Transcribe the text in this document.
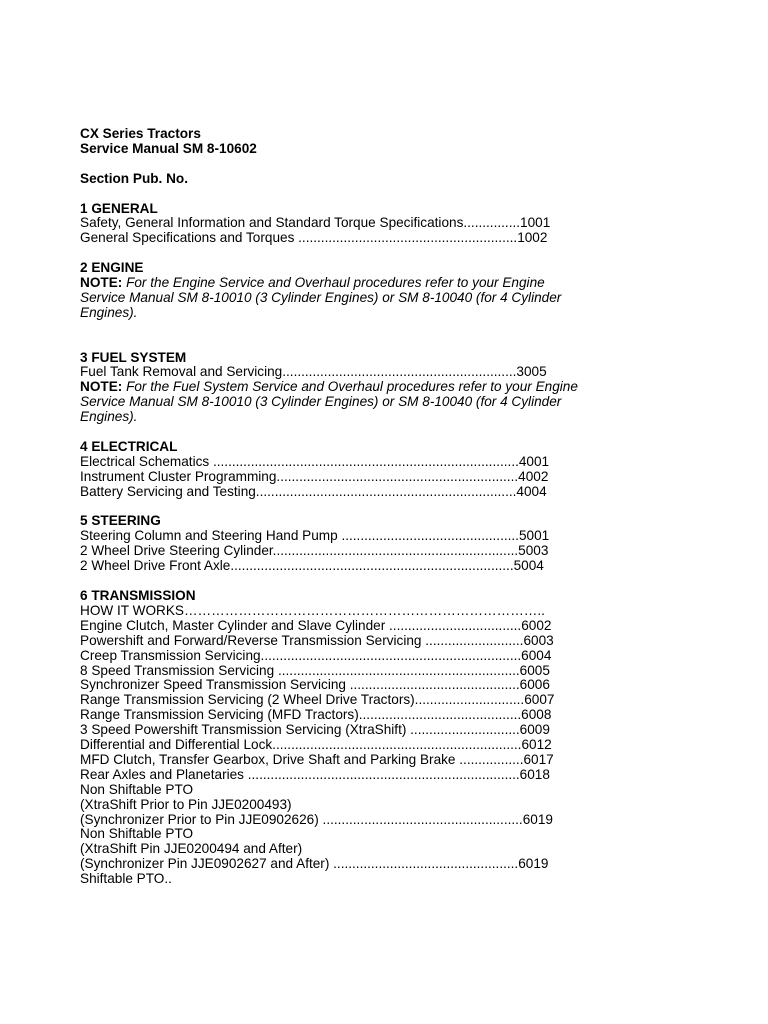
CX Series Tractors
Service Manual SM 8-10602
Section Pub. No.
1 GENERAL
Safety, General Information and Standard Torque Specifications...............1001
General Specifications and Torques ..........................................................1002
2 ENGINE
NOTE: For the Engine Service and Overhaul procedures refer to your Engine
Service Manual SM 8-10010 (3 Cylinder Engines) or SM 8-10040 (for 4 Cylinder
Engines).
3 FUEL SYSTEM
Fuel Tank Removal and Servicing..............................................................3005
NOTE: For the Fuel System Service and Overhaul procedures refer to your Engine
Service Manual SM 8-10010 (3 Cylinder Engines) or SM 8-10040 (for 4 Cylinder
Engines).
4 ELECTRICAL
Electrical Schematics .................................................................................4001
Instrument Cluster Programming................................................................4002
Battery Servicing and Testing.....................................................................4004
5 STEERING
Steering Column and Steering Hand Pump ...............................................5001
2 Wheel Drive Steering Cylinder.................................................................5003
2 Wheel Drive Front Axle...........................................................................5004
6 TRANSMISSION
HOW IT WORKS……………………………………………………………………..
Engine Clutch, Master Cylinder and Slave Cylinder ...................................6002
Powershift and Forward/Reverse Transmission Servicing ..........................6003
Creep Transmission Servicing.....................................................................6004
8 Speed Transmission Servicing ................................................................6005
Synchronizer Speed Transmission Servicing .............................................6006
Range Transmission Servicing (2 Wheel Drive Tractors).............................6007
Range Transmission Servicing (MFD Tractors)...........................................6008
3 Speed Powershift Transmission Servicing (XtraShift) .............................6009
Differential and Differential Lock..................................................................6012
MFD Clutch, Transfer Gearbox, Drive Shaft and Parking Brake .................6017
Rear Axles and Planetaries ........................................................................6018
Non Shiftable PTO
(XtraShift Prior to Pin JJE0200493)
(Synchronizer Prior to Pin JJE0902626) .....................................................6019
Non Shiftable PTO
(XtraShift Pin JJE0200494 and After)
(Synchronizer Pin JJE0902627 and After) .................................................6019
Shiftable PTO..
